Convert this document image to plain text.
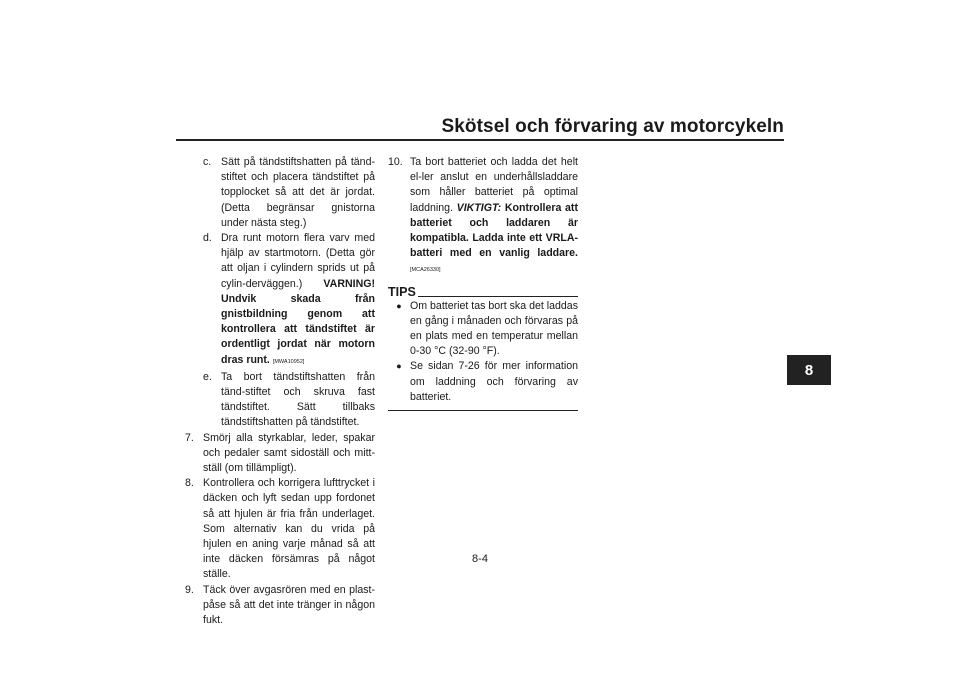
Skötsel och förvaring av motorcykeln
8

c. Sätt på tändstiftshatten på tänd-stiftet och placera tändstiftet på topplocket så att det är jordat. (Detta begränsar gnistorna under nästa steg.)

d. Dra runt motorn flera varv med hjälp av startmotorn. (Detta gör att oljan i cylindern sprids ut på cylin-derväggen.) VARNING! Undvik skada från gnistbildning genom att kontrollera att tändstiftet är ordentligt jordat när motorn dras runt. [MWA10952]

e. Ta bort tändstiftshatten från tänd-stiftet och skruva fast tändstiftet. Sätt tillbaks tändstiftshatten på tändstiftet.

7. Smörj alla styrkablar, leder, spakar och pedaler samt sidoställ och mitt-ställ (om tillämpligt).

8. Kontrollera och korrigera lufttrycket i däcken och lyft sedan upp fordonet så att hjulen är fria från underlaget. Som alternativ kan du vrida på hjulen en aning varje månad så att inte däcken försämras på något ställe.

9. Täck över avgasrören med en plast-påse så att det inte tränger in någon fukt.

10. Ta bort batteriet och ladda det helt el-ler anslut en underhållsladdare som håller batteriet på optimal laddning. VIKTIGT: Kontrollera att batteriet och laddaren är kompatibla. Ladda inte ett VRLA-batteri med en vanlig laddare. [MCA26330]

TIPS
● Om batteriet tas bort ska det laddas en gång i månaden och förvaras på en plats med en temperatur mellan 0-30 °C (32-90 °F).
● Se sidan 7-26 för mer information om laddning och förvaring av batteriet.
8-4
